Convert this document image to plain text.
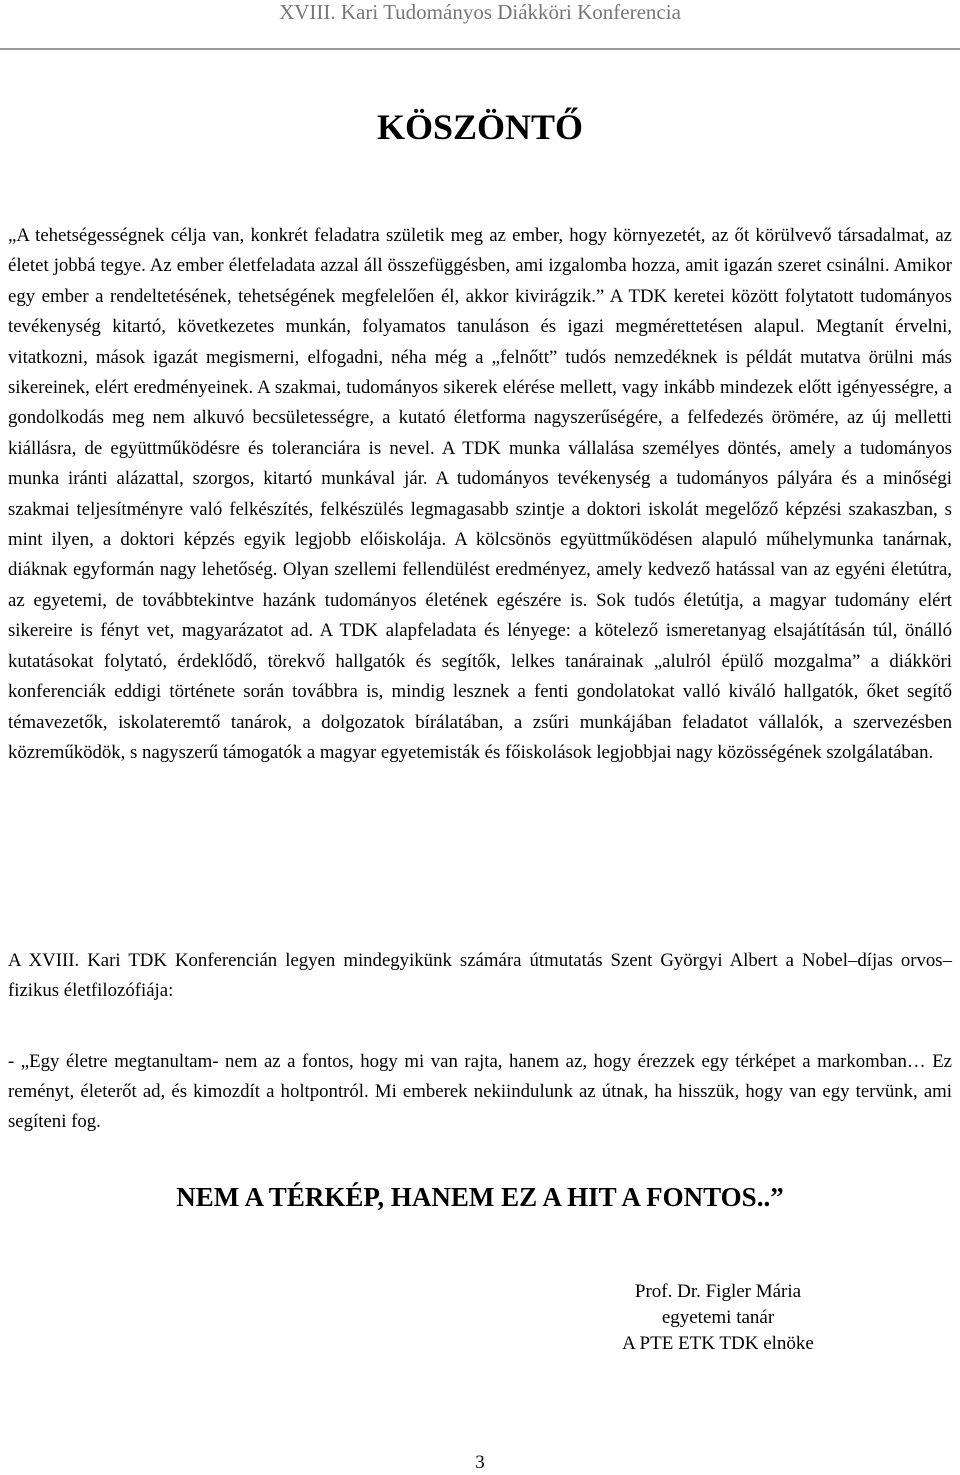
XVIII. Kari Tudományos Diákköri Konferencia
KÖSZÖNTŐ

„A tehetségességnek célja van, konkrét feladatra születik meg az ember, hogy környezetét, az őt körülvevő társadalmat, az életet jobbá tegye. Az ember életfeladata azzal áll összefüggésben, ami izgalomba hozza, amit igazán szeret csinálni. Amikor egy ember a rendeltetésének, tehetségének megfelelően él, akkor kivirágzik.” A TDK keretei között folytatott tudományos tevékenység kitartó, következetes munkán, folyamatos tanuláson és igazi megmérettetésen alapul. Megtanít érvelni, vitatkozni, mások igazát megismerni, elfogadni, néha még a „felnőtt” tudós nemzedéknek is példát mutatva örülni más sikereinek, elért eredményeinek. A szakmai, tudományos sikerek elérése mellett, vagy inkább mindezek előtt igényességre, a gondolkodás meg nem alkuvó becsületességre, a kutató életforma nagyszerűségére, a felfedezés örömére, az új melletti kiállásra, de együttműködésre és toleranciára is nevel. A TDK munka vállalása személyes döntés, amely a tudományos munka iránti alázattal, szorgos, kitartó munkával jár. A tudományos tevékenység a tudományos pályára és a minőségi szakmai teljesítményre való felkészítés, felkészülés legmagasabb szintje a doktori iskolát megelőző képzési szakaszban, s mint ilyen, a doktori képzés egyik legjobb előiskolája. A kölcsönös együttműködésen alapuló műhelymunka tanárnak, diáknak egyformán nagy lehetőség. Olyan szellemi fellendülést eredményez, amely kedvező hatással van az egyéni életútra, az egyetemi, de továbbtekintve hazánk tudományos életének egészére is. Sok tudós életútja, a magyar tudomány elért sikereire is fényt vet, magyarázatot ad. A TDK alapfeladata és lényege: a kötelező ismeretanyag elsajátításán túl, önálló kutatásokat folytató, érdeklődő, törekvő hallgatók és segítők, lelkes tanárainak „alulról épülő mozgalma” a diákköri konferenciák eddigi története során továbbra is, mindig lesznek a fenti gondolatokat valló kiváló hallgatók, őket segítő témavezetők, iskolateremtő tanárok, a dolgozatok bírálatában, a zsűri munkájában feladatot vállalók, a szervezésben közreműködök, s nagyszerű támogatók a magyar egyetemisták és főiskolások legjobbjai nagy közösségének szolgálatában.

A XVIII. Kari TDK Konferencián legyen mindegyikünk számára útmutatás Szent Györgyi Albert a Nobel–díjas orvos–fizikus életfilozófiája:

- „Egy életre megtanultam- nem az a fontos, hogy mi van rajta, hanem az, hogy érezzek egy térképet a markomban… Ez reményt, életerőt ad, és kimozdít a holtpontról. Mi emberek nekiindulunk az útnak, ha hisszük, hogy van egy tervünk, ami segíteni fog.

NEM A TÉRKÉP, HANEM EZ A HIT A FONTOS..”
Prof. Dr. Figler Mária
egyetemi tanár
A PTE ETK TDK elnöke
3
